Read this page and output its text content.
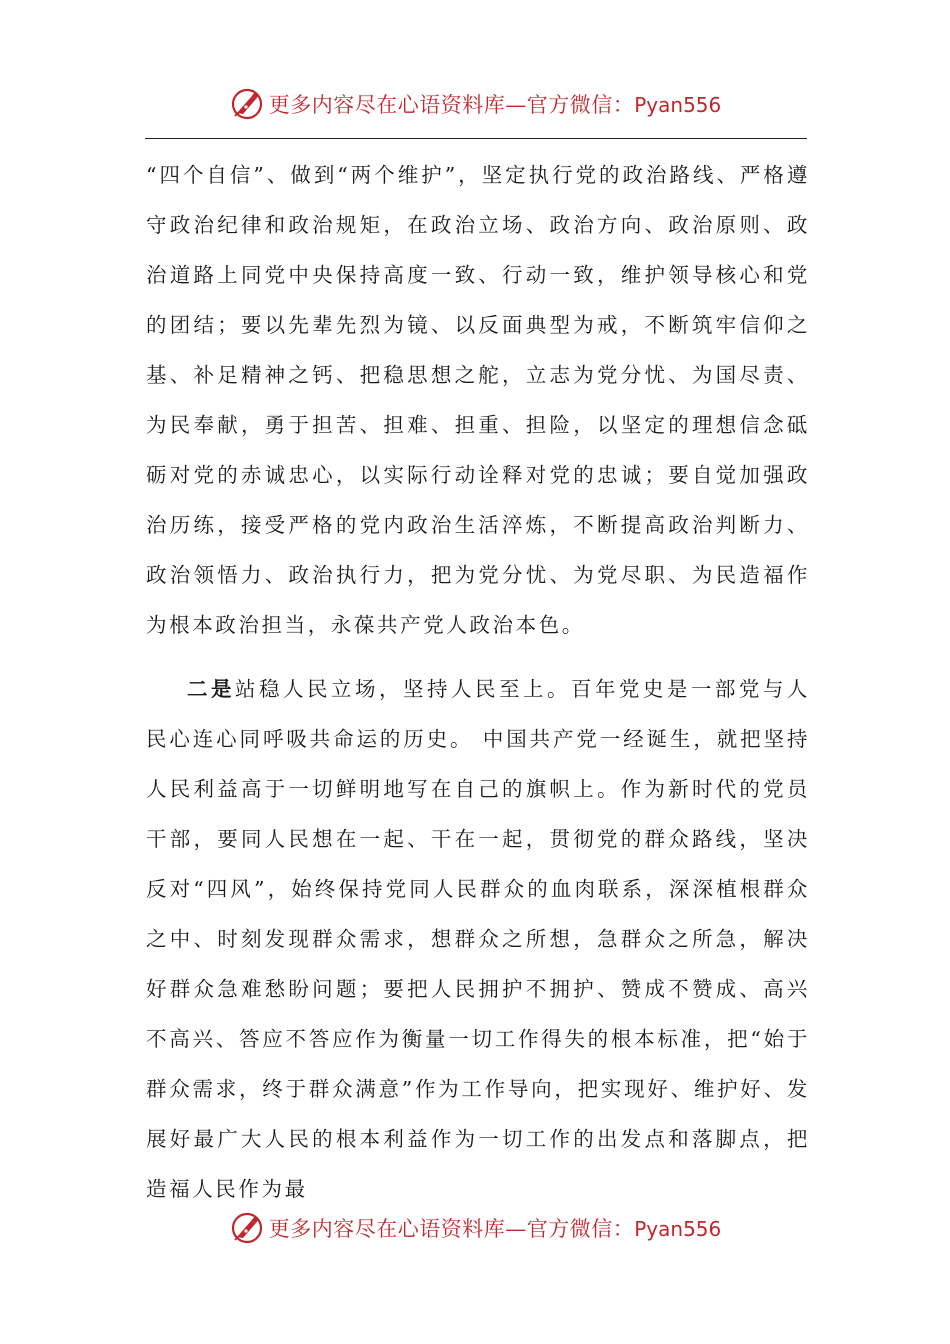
更多内容尽在心语资料库—官方微信：Pyan556

“四个自信”、做到“两个维护”，坚定执行党的政治路线、严格遵守政治纪律和政治规矩，在政治立场、政治方向、政治原则、政治道路上同党中央保持高度一致、行动一致，维护领导核心和党的团结；要以先辈先烈为镜、以反面典型为戒，不断筑牢信仰之基、补足精神之钙、把稳思想之舵，立志为党分忧、为国尽责、为民奉献，勇于担苦、担难、担重、担险，以坚定的理想信念砥砺对党的赤诚忠心，以实际行动诠释对党的忠诚；要自觉加强政治历练，接受严格的党内政治生活淬炼，不断提高政治判断力、政治领悟力、政治执行力，把为党分忧、为党尽职、为民造福作为根本政治担当，永葆共产党人政治本色。

二是站稳人民立场，坚持人民至上。百年党史是一部党与人民心连心同呼吸共命运的历史。 中国共产党一经诞生，就把坚持人民利益高于一切鲜明地写在自己的旗帜上。作为新时代的党员干部，要同人民想在一起、干在一起，贯彻党的群众路线，坚决反对“四风”，始终保持党同人民群众的血肉联系，深深植根群众之中、时刻发现群众需求，想群众之所想，急群众之所急，解决好群众急难愁盼问题；要把人民拥护不拥护、赞成不赞成、高兴不高兴、答应不答应作为衡量一切工作得失的根本标准，把“始于群众需求，终于群众满意”作为工作导向，把实现好、维护好、发展好最广大人民的根本利益作为一切工作的出发点和落脚点，把造福人民作为最

更多内容尽在心语资料库—官方微信：Pyan556
